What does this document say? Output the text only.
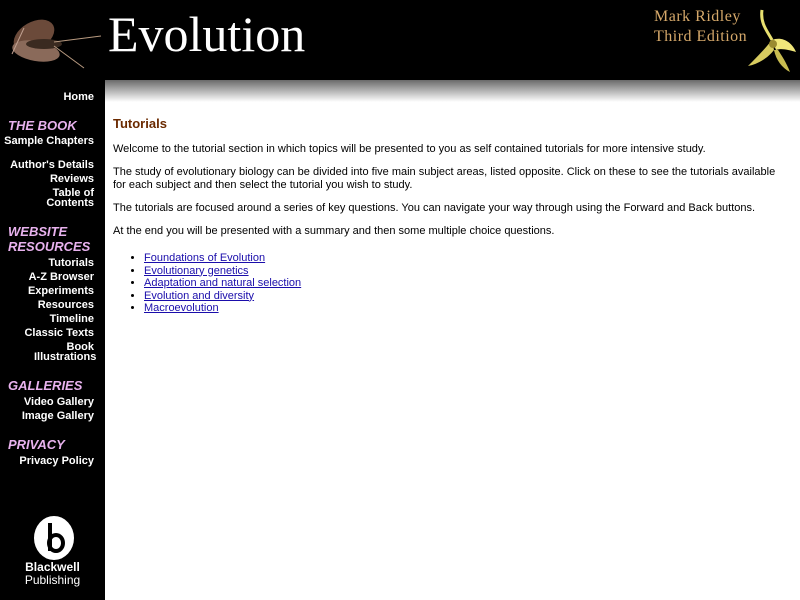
Evolution	Mark Ridley
Third Edition
Home
THE BOOK
Sample Chapters
Author's Details
Reviews
Table of Contents
WEBSITE
RESOURCES
Tutorials
A-Z Browser
Experiments
Resources
Timeline
Classic Texts
Book Illustrations
GALLERIES
Video Gallery
Image Gallery
PRIVACY
Privacy Policy
Blackwell
Publishing
Tutorials

Welcome to the tutorial section in which topics will be presented to you as self contained tutorials for more intensive study.

The study of evolutionary biology can be divided into five main subject areas, listed opposite. Click on these to see the tutorials available for each subject and then select the tutorial you wish to study.

The tutorials are focused around a series of key questions. You can navigate your way through using the Forward and Back buttons.

At the end you will be presented with a summary and then some multiple choice questions.

• Foundations of Evolution
• Evolutionary genetics
• Adaptation and natural selection
• Evolution and diversity
• Macroevolution
